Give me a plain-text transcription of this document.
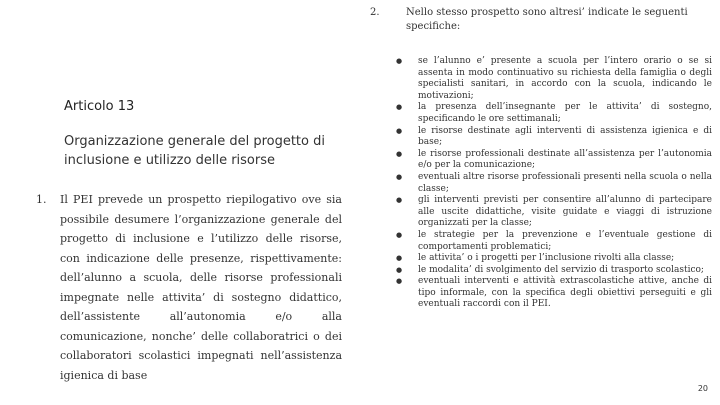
Articolo 13

Organizzazione generale del progetto di inclusione e utilizzo delle risorse

1.	Il PEI prevede un prospetto riepilogativo ove sia possibile desumere l’organizzazione generale del progetto di inclusione e l’utilizzo delle risorse, con indicazione delle presenze, rispettivamente: dell’alunno a scuola, delle risorse professionali impegnate nelle attivita’ di sostegno didattico, dell’assistente all’autonomia e/o alla comunicazione, nonche’ delle collaboratrici o dei collaboratori scolastici impegnati nell’assistenza igienica di base
2.	Nello stesso prospetto sono altresi’ indicate le seguenti specifiche:
● se l’alunno e’ presente a scuola per l’intero orario o se si assenta in modo continuativo su richiesta della famiglia o degli specialisti sanitari, in accordo con la scuola, indicando le motivazioni;
● la presenza dell’insegnante per le attivita’ di sostegno, specificando le ore settimanali;
● le risorse destinate agli interventi di assistenza igienica e di base;
● le risorse professionali destinate all’assistenza per l’autonomia e/o per la comunicazione;
● eventuali altre risorse professionali presenti nella scuola o nella classe;
● gli interventi previsti per consentire all’alunno di partecipare alle uscite didattiche, visite guidate e viaggi di istruzione organizzati per la classe;
● le strategie per la prevenzione e l’eventuale gestione di comportamenti problematici;
● le attivita’ o i progetti per l’inclusione rivolti alla classe;
● le modalita’ di svolgimento del servizio di trasporto scolastico;
● eventuali interventi e attività extrascolastiche attive, anche di tipo informale, con la specifica degli obiettivi perseguiti e gli eventuali raccordi con il PEI.
20
